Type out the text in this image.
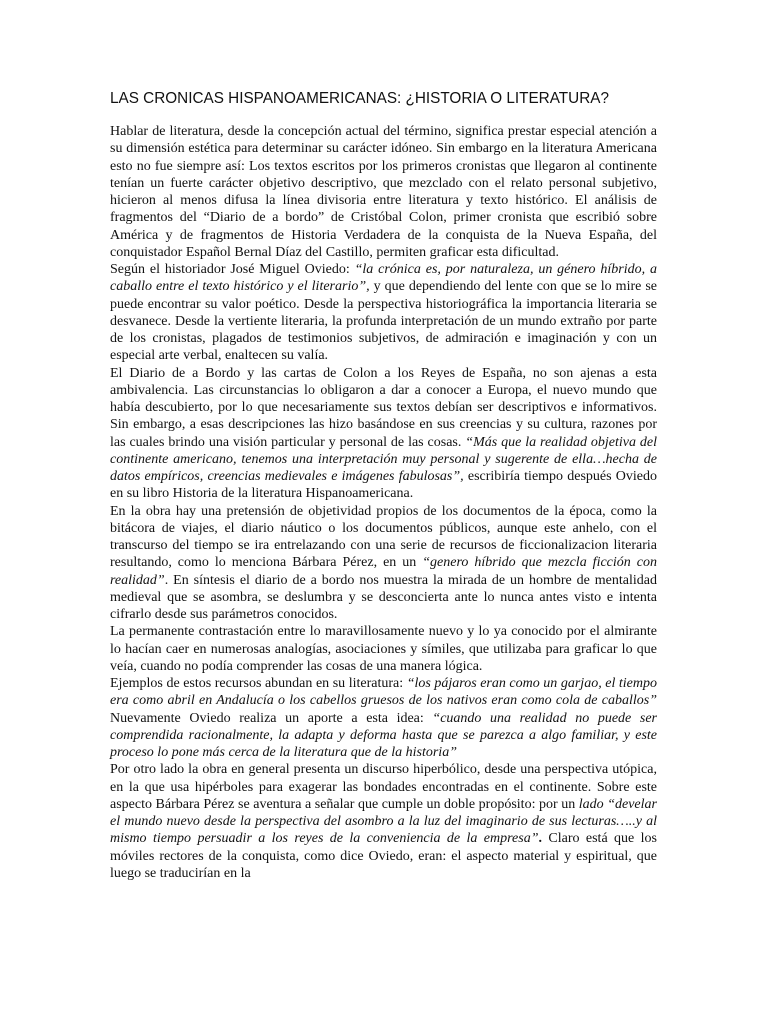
LAS CRONICAS HISPANOAMERICANAS: ¿HISTORIA O LITERATURA?

Hablar de literatura, desde la concepción actual del término, significa prestar especial atención a su dimensión estética para determinar su carácter idóneo. Sin embargo en la literatura Americana esto no fue siempre así: Los textos escritos por los primeros cronistas que llegaron al continente tenían un fuerte carácter objetivo descriptivo, que mezclado con el relato personal subjetivo, hicieron al menos difusa la línea divisoria entre literatura y texto histórico. El análisis de fragmentos del “Diario de a bordo” de Cristóbal Colon, primer cronista que escribió sobre América y de fragmentos de Historia Verdadera de la conquista de la Nueva España, del conquistador Español Bernal Díaz del Castillo, permiten graficar esta dificultad.

Según el historiador José Miguel Oviedo: “la crónica es, por naturaleza, un género híbrido, a caballo entre el texto histórico y el literario”, y que dependiendo del lente con que se lo mire se puede encontrar su valor poético. Desde la perspectiva historiográfica la importancia literaria se desvanece. Desde la vertiente literaria, la profunda interpretación de un mundo extraño por parte de los cronistas, plagados de testimonios subjetivos, de admiración e imaginación y con un especial arte verbal, enaltecen su valía.

El Diario de a Bordo y las cartas de Colon a los Reyes de España, no son ajenas a esta ambivalencia. Las circunstancias lo obligaron a dar a conocer a Europa, el nuevo mundo que había descubierto, por lo que necesariamente sus textos debían ser descriptivos e informativos. Sin embargo, a esas descripciones las hizo basándose en sus creencias y su cultura, razones por las cuales brindo una visión particular y personal de las cosas. “Más que la realidad objetiva del continente americano, tenemos una interpretación muy personal y sugerente de ella…hecha de datos empíricos, creencias medievales e imágenes fabulosas”, escribiría tiempo después Oviedo en su libro Historia de la literatura Hispanoamericana.

En la obra hay una pretensión de objetividad propios de los documentos de la época, como la bitácora de viajes, el diario náutico o los documentos públicos, aunque este anhelo, con el transcurso del tiempo se ira entrelazando con una serie de recursos de ficcionalizacion literaria resultando, como lo menciona Bárbara Pérez, en un “genero híbrido que mezcla ficción con realidad”. En síntesis el diario de a bordo nos muestra la mirada de un hombre de mentalidad medieval que se asombra, se deslumbra y se desconcierta ante lo nunca antes visto e intenta cifrarlo desde sus parámetros conocidos.

La permanente contrastación entre lo maravillosamente nuevo y lo ya conocido por el almirante lo hacían caer en numerosas analogías, asociaciones y símiles, que utilizaba para graficar lo que veía, cuando no podía comprender las cosas de una manera lógica.

Ejemplos de estos recursos abundan en su literatura: “los pájaros eran como un garjao, el tiempo era como abril en Andalucía o los cabellos gruesos de los nativos eran como cola de caballos” Nuevamente Oviedo realiza un aporte a esta idea: “cuando una realidad no puede ser comprendida racionalmente, la adapta y deforma hasta que se parezca a algo familiar, y este proceso lo pone más cerca de la literatura que de la historia”

Por otro lado la obra en general presenta un discurso hiperbólico, desde una perspectiva utópica, en la que usa hipérboles para exagerar las bondades encontradas en el continente. Sobre este aspecto Bárbara Pérez se aventura a señalar que cumple un doble propósito: por un lado “develar el mundo nuevo desde la perspectiva del asombro a la luz del imaginario de sus lecturas…..y al mismo tiempo persuadir a los reyes de la conveniencia de la empresa”. Claro está que los móviles rectores de la conquista, como dice Oviedo, eran: el aspecto material y espiritual, que luego se traducirían en la
